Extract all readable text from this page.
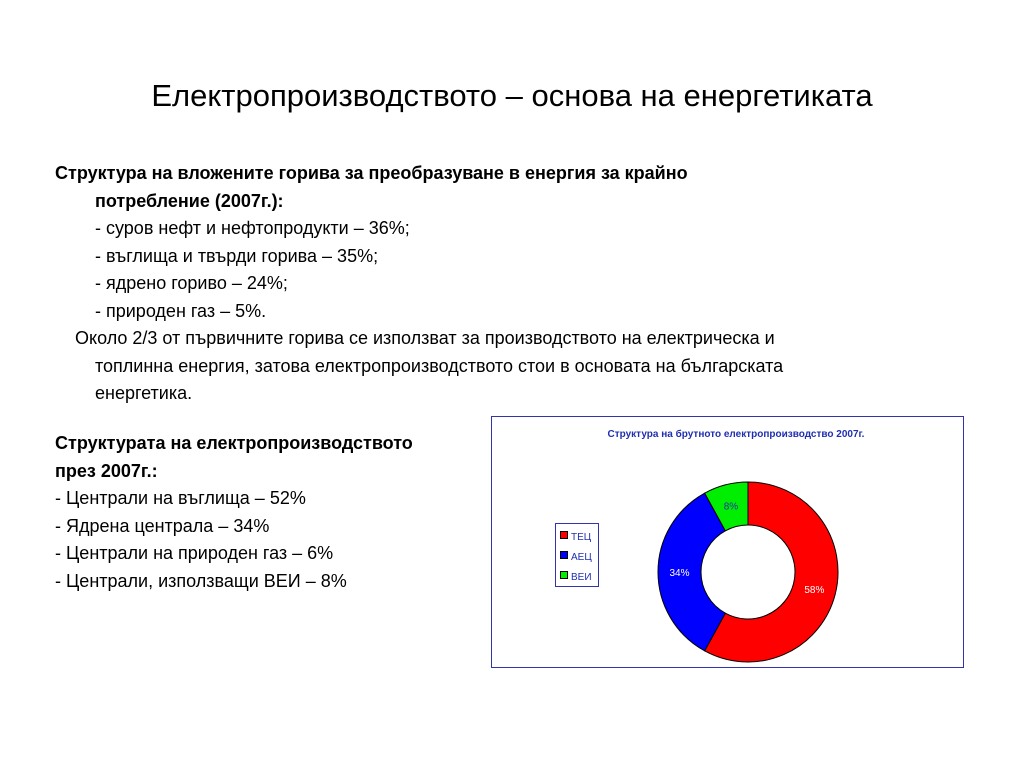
Електропроизводството – основа на енергетиката
Структура на вложените горива за преобразуване в енергия за крайно
потребление (2007г.):
- суров нефт и нефтопродукти – 36%;
- въглища и твърди горива – 35%;
- ядрено гориво – 24%;
- природен газ – 5%.
Около 2/3 от първичните горива се използват за производството на електрическа и
топлинна енергия, затова електропроизводството стои в основата на българската
енергетика.
Структурата на електропроизводството
през 2007г.:
- Централи на въглища – 52%
- Ядрена централа – 34%
- Централи на природен газ – 6%
- Централи, използващи ВЕИ – 8%
Структура на брутното електропроизводство 2007г.
58%
34%
8%
ТЕЦ
АЕЦ
ВЕИ
